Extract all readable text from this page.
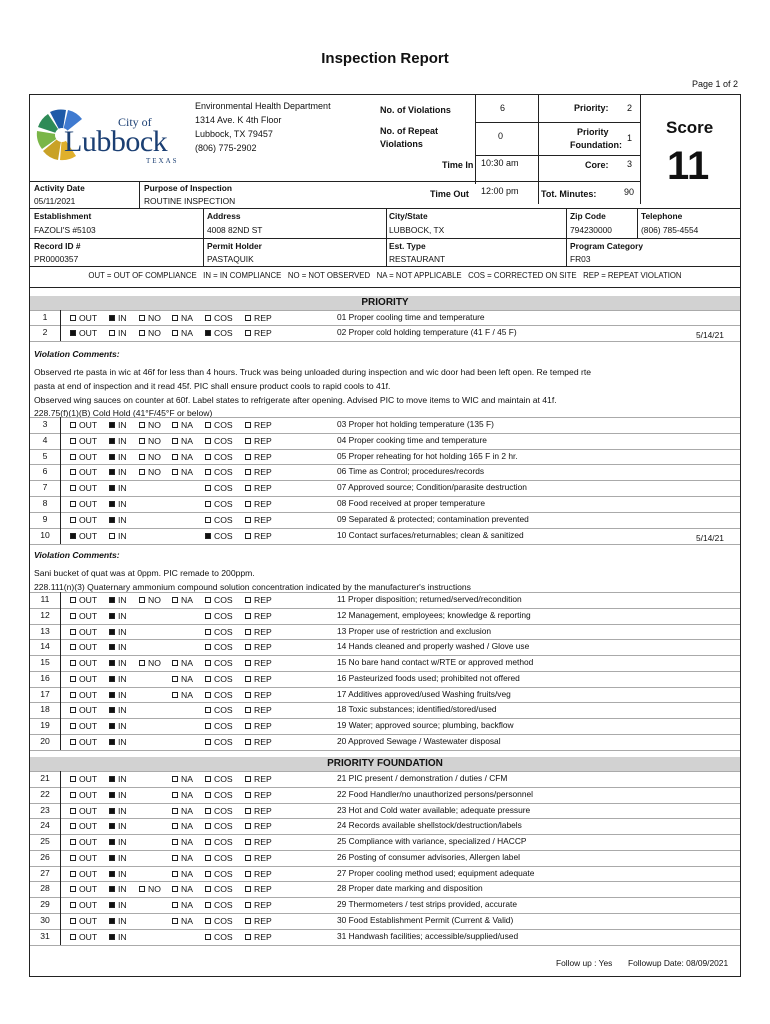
Inspection Report
Page 1 of 2
City of
Lubbock
TEXAS
Environmental Health Department
1314 Ave. K 4th Floor
Lubbock, TX 79457
(806) 775-2902
No. of Violations	6
No. of Repeat
Violations
0
Priority: 2
Priority
Foundation:
1
Core: 3
Time In 10:30 am
Time Out 12:00 pm Tot. Minutes:	90
Score
11
Activity Date
05/11/2021
Purpose of Inspection
ROUTINE INSPECTION
Establishment
FAZOLI'S #5103
Address
4008 82ND ST
City/State
LUBBOCK, TX
Zip Code
794230000
Telephone
(806) 785-4554
Record ID #
PR0000357
Permit Holder
PASTAQUIK
Est. Type
RESTAURANT
Program Category
FR03
OUT = OUT OF COMPLIANCE   IN = IN COMPLIANCE   NO = NOT OBSERVED   NA = NOT APPLICABLE   COS = CORRECTED ON SITE   REP = REPEAT VIOLATION
PRIORITY
PRIORITY FOUNDATION
Violation Comments:
Observed rte pasta in wic at 46f for less than 4 hours. Truck was being unloaded during inspection and wic door had been left open. Re temped rte
pasta at end of inspection and it read 45f. PIC shall ensure product cools to rapid cools to 41f.
Observed wing sauces on counter at 60f. Label states to refrigerate after opening. Advised PIC to move items to WIC and maintain at 41f.
228.75(f)(1)(B) Cold Hold (41°F/45°F or below)
Violation Comments:
Sani bucket of quat was at 0ppm. PIC remade to 200ppm.
228.111(n)(3) Quaternary ammonium compound solution concentration indicated by the manufacturer's instructions
1	OUT	IN	NO	NA	COS	REP	01 Proper cooling time and temperature
2	OUT	IN	NO	NA	COS	REP	02 Proper cold holding temperature (41 F / 45 F)	5/14/21
3	OUT	IN	NO	NA	COS	REP	03 Proper hot holding temperature (135 F)
4	OUT	IN	NO	NA	COS	REP	04 Proper cooking time and temperature
5	OUT	IN	NO	NA	COS	REP	05 Proper reheating for hot holding 165 F in 2 hr.
6	OUT	IN	NO	NA	COS	REP	06 Time as Control; procedures/records
7	OUT	IN	COS	REP	07 Approved source; Condition/parasite destruction
8	OUT	IN	COS	REP	08 Food received at proper temperature
9	OUT	IN	COS	REP	09 Separated & protected; contamination prevented
10	OUT	IN	COS	REP	10 Contact surfaces/returnables; clean & sanitized	5/14/21
11	OUT	IN	NO	NA	COS	REP	11 Proper disposition; returned/served/recondition
12	OUT	IN	COS	REP	12 Management, employees; knowledge & reporting
13	OUT	IN	COS	REP	13 Proper use of restriction and exclusion
14	OUT	IN	COS	REP	14 Hands cleaned and properly washed / Glove use
15	OUT	IN	NO	NA	COS	REP	15 No bare hand contact w/RTE or approved method
16	OUT	IN	NA	COS	REP	16 Pasteurized foods used; prohibited not offered
17	OUT	IN	NA	COS	REP	17 Additives approved/used Washing fruits/veg
18	OUT	IN	COS	REP	18 Toxic substances; identified/stored/used
19	OUT	IN	COS	REP	19 Water; approved source; plumbing, backflow
20	OUT	IN	COS	REP	20 Approved Sewage / Wastewater disposal
21	OUT	IN	NA	COS	REP	21 PIC present / demonstration / duties / CFM
22	OUT	IN	NA	COS	REP	22 Food Handler/no unauthorized persons/personnel
23	OUT	IN	NA	COS	REP	23 Hot and Cold water available; adequate pressure
24	OUT	IN	NA	COS	REP	24 Records available shellstock/destruction/labels
25	OUT	IN	NA	COS	REP	25 Compliance with variance, specialized / HACCP
26	OUT	IN	NA	COS	REP	26 Posting of consumer advisories, Allergen label
27	OUT	IN	NA	COS	REP	27 Proper cooling method used; equipment adequate
28	OUT	IN	NO	NA	COS	REP	28 Proper date marking and disposition
29	OUT	IN	NA	COS	REP	29 Thermometers / test strips provided, accurate
30	OUT	IN	NA	COS	REP	30 Food Establishment Permit (Current & Valid)
31	OUT	IN	COS	REP	31 Handwash facilities; accessible/supplied/used
Follow up : Yes Followup Date: 08/09/2021
